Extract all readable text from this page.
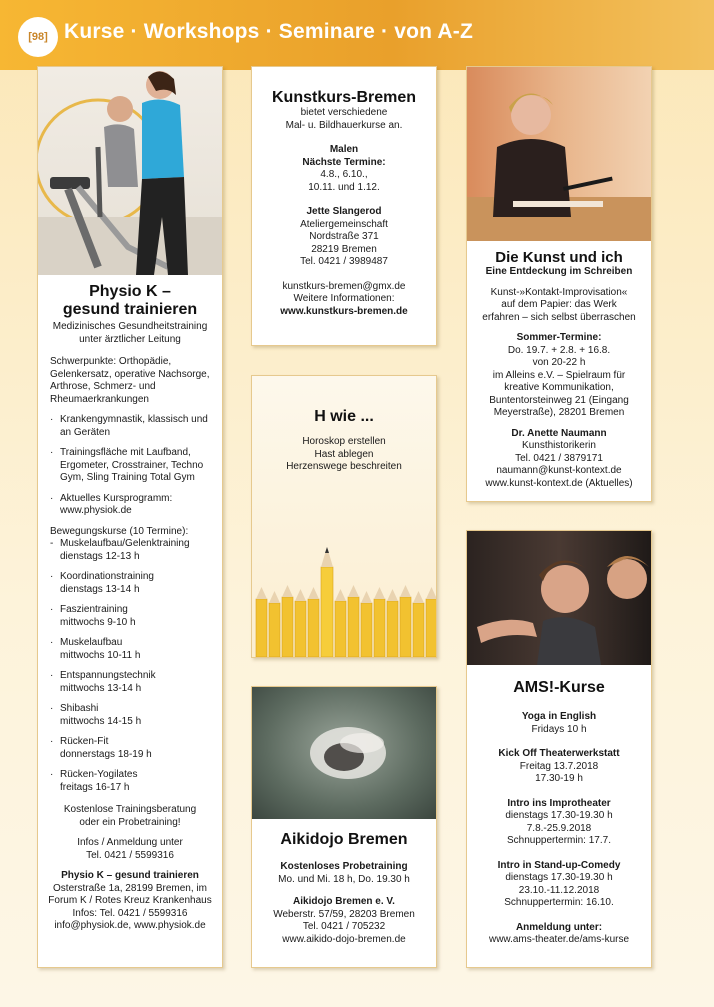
[98] Kurse · Workshops · Seminare · von A-Z
Physio K –
gesund trainieren
Medizinisches Gesundheitstraining
unter ärztlicher Leitung

Schwerpunkte: Orthopädie, Gelenkersatz, operative Nachsorge, Arthrose, Schmerz- und Rheumaerkrankungen

· Krankengymnastik, klassisch und an Geräten
· Trainingsfläche mit Laufband, Ergometer, Crosstrainer, Techno Gym, Sling Training Total Gym
· Aktuelles Kursprogramm: www.physiok.de
Bewegungskurse (10 Termine):
- Muskelaufbau/Gelenktraining
dienstags 12-13 h
· Koordinationstraining
dienstags 13-14 h
· Faszientraining
mittwochs 9-10 h
· Muskelaufbau
mittwochs 10-11 h
· Entspannungstechnik
mittwochs 13-14 h
· Shibashi
mittwochs 14-15 h
· Rücken-Fit
donnerstags 18-19 h
· Rücken-Yogilates
freitags 16-17 h
Kostenlose Trainingsberatung
oder ein Probetraining!
Infos / Anmeldung unter
Tel. 0421 / 5599316
Physio K – gesund trainieren
Osterstraße 1a, 28199 Bremen, im
Forum K / Rotes Kreuz Krankenhaus
Infos: Tel. 0421 / 5599316
info@physiok.de, www.physiok.de
Kunstkurs-Bremen
bietet verschiedene
Mal- u. Bildhauerkurse an.
Malen
Nächste Termine:
4.8., 6.10.,
10.11. und 1.12.
Jette Slangerod
Ateliergemeinschaft
Nordstraße 371
28219 Bremen
Tel. 0421 / 3989487
kunstkurs-bremen@gmx.de
Weitere Informationen:
www.kunstkurs-bremen.de
H wie ...
Horoskop erstellen
Hast ablegen
Herzenswege beschreiten
Aikidojo Bremen
Kostenloses Probetraining
Mo. und Mi. 18 h, Do. 19.30 h
Aikidojo Bremen e. V.
Weberstr. 57/59, 28203 Bremen
Tel. 0421 / 705232
www.aikido-dojo-bremen.de
Die Kunst und ich
Eine Entdeckung im Schreiben
Kunst-»Kontakt-Improvisation«
auf dem Papier: das Werk
erfahren – sich selbst überraschen
Sommer-Termine:
Do. 19.7. + 2.8. + 16.8.
von 20-22 h
im Alleins e.V. – Spielraum für
kreative Kommunikation,
Buntentorsteinweg 21 (Eingang
Meyerstraße), 28201 Bremen
Dr. Anette Naumann
Kunsthistorikerin
Tel. 0421 / 3879171
naumann@kunst-kontext.de
www.kunst-kontext.de (Aktuelles)
AMS!-Kurse
Yoga in English
Fridays 10 h
Kick Off Theaterwerkstatt
Freitag 13.7.2018
17.30-19 h
Intro ins Improtheater
dienstags 17.30-19.30 h
7.8.-25.9.2018
Schnuppertermin: 17.7.
Intro in Stand-up-Comedy
dienstags 17.30-19.30 h
23.10.-11.12.2018
Schnuppertermin: 16.10.
Anmeldung unter:
www.ams-theater.de/ams-kurse
